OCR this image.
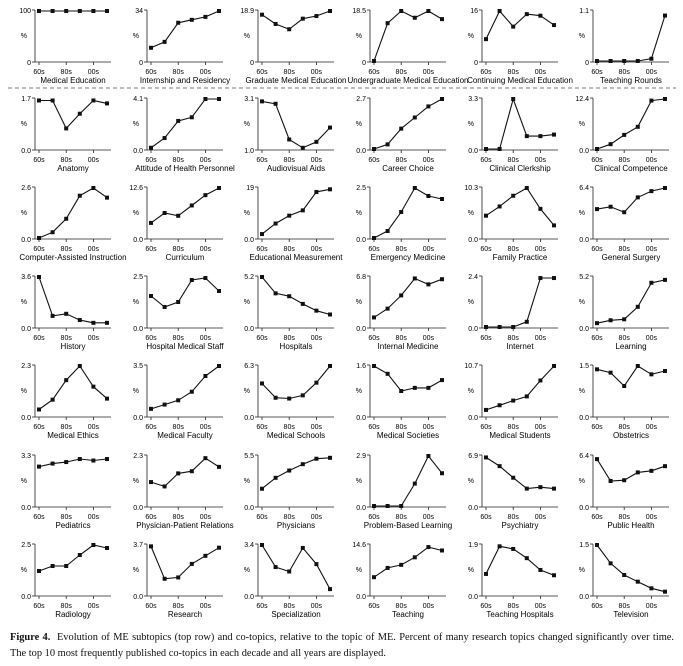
100
0
%
60s 80s 00s
Medical Education
34
0
%
60s 80s 00s
Internship and Residency
18.9
0
%
60s 80s 00s
Graduate Medical Education
18.5
0
%
60s 80s 00s
Undergraduate Medical Education
16
0
%
60s 80s 00s
Continuing Medical Education
1.1
0
%
60s 80s 00s
Teaching Rounds
1.7
0.0
%
60s 80s 00s
Anatomy
4.1
0.0
%
60s 80s 00s
Attitude of Health Personnel
3.1
1.0
%
60s 80s 00s
Audiovisual Aids
2.7
0.0
%
60s 80s 00s
Career Choice
3.3
0.0
%
60s 80s 00s
Clinical Clerkship
12.4
0.0
%
60s 80s 00s
Clinical Competence
2.6
0.0
%
60s 80s 00s
Computer-Assisted Instruction
12.6
0.0
%
60s 80s 00s
Curriculum
19
0.0
%
60s 80s 00s
Educational Measurement
2.5
0.0
%
60s 80s 00s
Emergency Medicine
10.3
0.0
%
60s 80s 00s
Family Practice
6.4
0.0
%
60s 80s 00s
General Surgery
3.6
0.0
%
60s 80s 00s
History
2.5
0.0
%
60s 80s 00s
Hospital Medical Staff
5.2
0.0
%
60s 80s 00s
Hospitals
6.8
0.0
%
60s 80s 00s
Internal Medicine
2.4
0.0
%
60s 80s 00s
Internet
5.2
0.0
%
60s 80s 00s
Learning
2.3
0.0
%
60s 80s 00s
Medical Ethics
3.5
0.0
%
60s 80s 00s
Medical Faculty
6.3
0.0
%
60s 80s 00s
Medical Schools
1.6
0.0
%
60s 80s 00s
Medical Societies
10.7
0.0
%
60s 80s 00s
Medical Students
1.5
0.0
%
60s 80s 00s
Obstetrics
3.3
0.0
%
60s 80s 00s
Pediatrics
2.3
0.0
%
60s 80s 00s
Physician-Patient Relations
5.5
0.0
%
60s 80s 00s
Physicians
2.9
0.0
%
60s 80s 00s
Problem-Based Learning
6.9
0.0
%
60s 80s 00s
Psychiatry
6.4
0.0
%
60s 80s 00s
Public Health
2.5
0.0
%
60s 80s 00s
Radiology
3.7
0.0
%
60s 80s 00s
Research
3.4
0.0
%
60s 80s 00s
Specialization
14.6
0.0
%
60s 80s 00s
Teaching
1.9
0.0
%
60s 80s 00s
Teaching Hospitals
1.5
0.0
%
60s 80s 00s
Television

Figure 4. Evolution of ME subtopics (top row) and co-topics, relative to the topic of ME. Percent of many research topics changed significantly over time. The top 10 most frequently published co-topics in each decade and all years are displayed.
